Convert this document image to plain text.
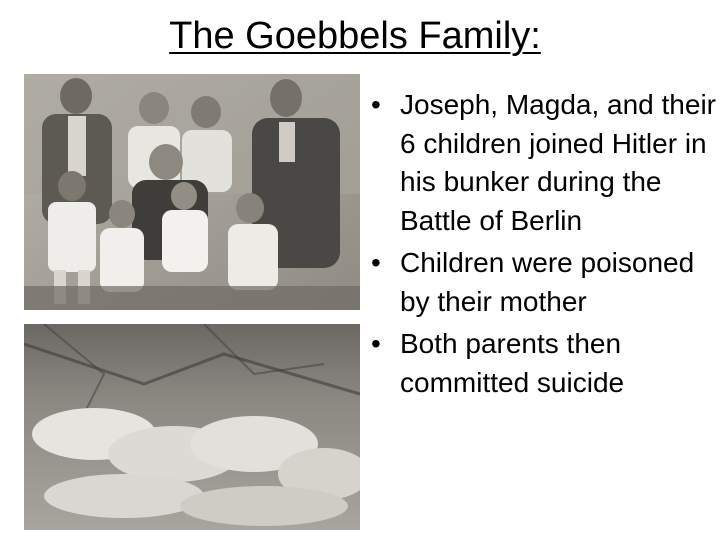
The Goebbels Family:
• Joseph, Magda, and their 6 children joined Hitler in his bunker during the Battle of Berlin
• Children were poisoned by their mother
• Both parents then committed suicide
